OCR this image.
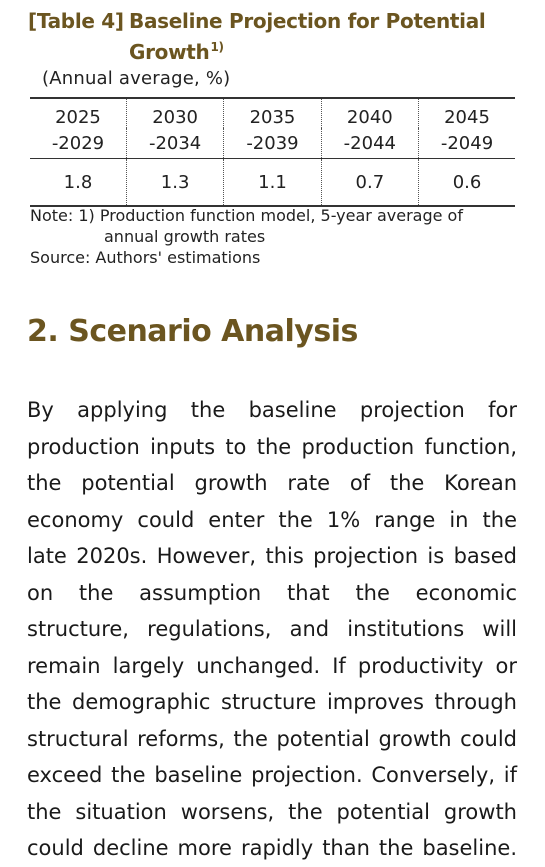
[Table 4] Baseline Projection for Potential
Growth$^{1)}$
(Annual average, %)
2025	2030	2035	2040	2045
-2029	-2034	-2039	-2044	-2049
1.8	1.3	1.1	0.7	0.6
Note: 1) Production function model, 5-year average of
annual growth rates
Source: Authors' estimations
2. Scenario Analysis
By applying the baseline projection for
production inputs to the production function,
the potential growth rate of the Korean
economy could enter the 1% range in the
late 2020s. However, this projection is based
on the assumption that the economic
structure, regulations, and institutions will
remain largely unchanged. If productivity or
the demographic structure improves through
structural reforms, the potential growth could
exceed the baseline projection. Conversely, if
the situation worsens, the potential growth
could decline more rapidly than the baseline.
